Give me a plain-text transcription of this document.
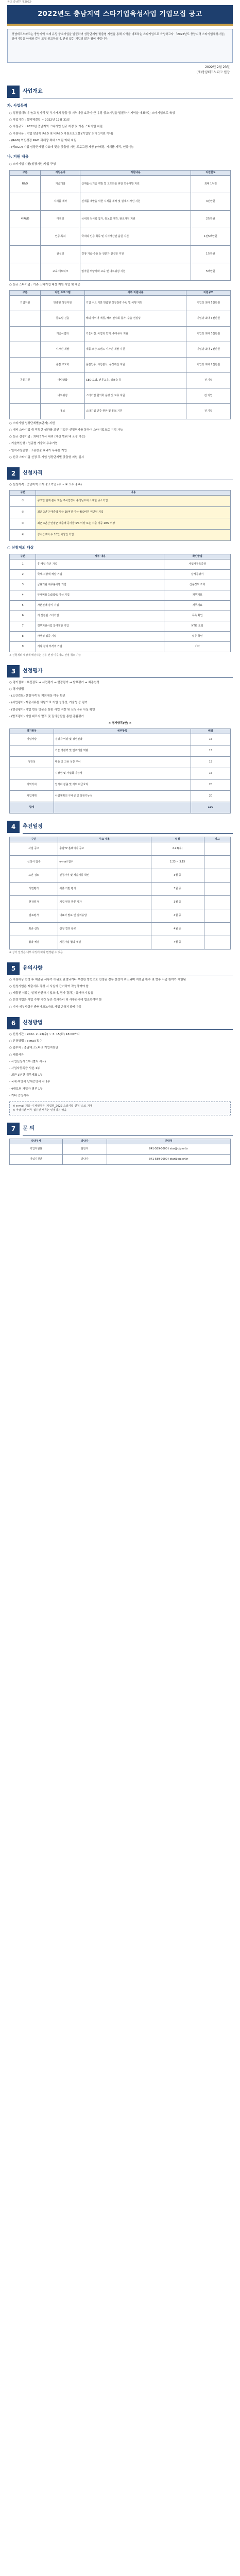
공고 충남TP 제2022-
2022년도 충남지역 스타기업육성사업 기업모집 공고
충남테크노파크는 충남지역 소재 유망 중소기업을 발굴하여 성장단계별 맞춤형 지원을 통해 지역을 대표하는 스타기업으로 육성하고자 「2022년도 충남지역 스타기업육성사업」 참여기업을 아래와 같이 모집 공고하오니, 관심 있는 기업의 많은 참여 바랍니다.
2022년 2월 23일
(재)충남테크노파크 원장
1	사업개요
가. 사업목적
○ 성장잠재력이 높고 일자리 및 부가가치 창출 등 지역파급 효과가 큰 유망 중소기업을 발굴하여 지역을 대표하는 스타기업으로 육성
○ 사업기간 : 협약체결일 ~ 2022년 12월 31일
○ 지원규모 : 2022년 충남지역 스타기업 신규 지정 및 기존 스타기업 지원
○ 지원내용 : 기업 맞춤형 R&D 및 비R&D 지원프로그램 (기업당 최대 1억원 이내)
- (R&D) 혁신성장 R&D 과제당 최대 1억원 이내 지원
- (비R&D) 기업 성장단계별 수요에 맞춘 맞춤형 지원 프로그램 제공 (마케팅, 시제품 제작, 인증 등)
나. 지원 내용
○ 스타기업 지원(성장지원)사업 구성
구분	지원분야	지원내용	지원한도
R&D	기술개발	신제품·신기술 개발 및 고도화를 위한 연구개발 지원	최대 1억원
	시제품 제작	신제품 개발을 위한 시제품 제작 및 설계·디자인 지원	3천만원
비R&D	마케팅	국내외 전시회 참가, 홍보물 제작, 판로개척 지원	2천만원
	인증·특허	국내외 인증 획득 및 지식재산권 출원 지원	1천5백만원
	컨설팅	경영·기술·수출 등 전문가 컨설팅 지원	1천만원
	교육·네트워크	임직원 역량강화 교육 및 네트워킹 지원	5백만원
○ 신규 스타기업 : 기존 스타기업 대상 지원 사업 및 제공
구분	지원 프로그램	세부 지원내용	지원규모
기업지원	맞춤형 성장지원	기업 수요 기반 맞춤형 성장전략 수립 및 이행 지원	기업당 최대 5천만원
	글로벌 진출	해외 바이어 매칭, 해외 전시회 참가, 수출 컨설팅	기업당 최대 3천만원
	기술사업화	기술이전, 사업화 연계, 투자유치 지원	기업당 최대 3천만원
	디자인 개발	제품·포장·브랜드 디자인 개발 지원	기업당 최대 2천만원
	품질 고도화	품질인증, 시험분석, 공정개선 지원	기업당 최대 2천만원
공통지원	역량강화	CEO 포럼, 전문교육, 워크숍 등	전 기업
	네트워킹	스타기업 협의회 운영 및 교류 지원	전 기업
	홍보	스타기업 인증 현판 및 홍보 지원	전 기업
○ 스타기업 성장단계별(3단계) 지원
○ 예비 스타기업 중 탁월한 성과를 보인 기업은 선정평가를 통하여 스타기업으로 지정 가능
○ 신규 선정기업 : 최대 5개사 내외 (예산 범위 내 조정 가능)
- 기술혁신형 : 업종별 기술력 우수기업
- 일자리창출형 : 고용창출 효과가 우수한 기업
○ 신규 스타기업 선정 후 기업 성장단계별 맞춤형 지원 실시
2	신청자격
○ 신청자격 : 충남지역 소재 중소기업 (① ~ ④ 모두 충족)
구분	내용
①	공고일 현재 본사 또는 주사업장이 충청남도에 소재한 중소기업
②	최근 3년간 매출액 평균 20억원 이상 400억원 미만인 기업
③	최근 3년간 연평균 매출액 증가율 5% 이상 또는 수출 비중 10% 이상
④	상시근로자 수 10인 이상인 기업
○ 신청제외 대상
구분	세부 내용	확인방법
1	휴·폐업 중인 기업	사업자등록증명
2	국세·지방세 체납 기업	납세증명서
3	금융기관 채무불이행 기업	신용정보 조회
4	부채비율 1,000% 이상 기업	재무제표
5	자본전액 잠식 기업	재무제표
6	기 선정된 스타기업	목록 확인
7	정부지원사업 참여제한 기업	NTIS 조회
8	사행성 업종 기업	업종 확인
9	기타 참여 부적격 기업	기타
※ 신청제외 대상에 해당하는 경우 선정 이후에도 선정 취소 가능
3	선정평가
○ 평가절차 : 요건검토 → 서면평가 → 현장평가 → 발표평가 → 최종선정
○ 평가방법
- (요건검토) 신청자격 및 제외대상 여부 확인
- (서면평가) 제출서류를 바탕으로 기업 성장성, 기술성 등 평가
- (현장평가) 기업 현장 방문을 통한 사업 역량 및 신청내용 사실 확인
- (발표평가) 기업 대표자 발표 및 질의응답을 통한 종합평가
< 평가항목(안) >
평가항목	세부항목	배점
기업역량	경영자 역량 및 경영전략	15
	기술 경쟁력 및 연구개발 역량	15
성장성	매출 및 고용 성장 추이	15
	시장성 및 사업화 가능성	15
지역기여	일자리 창출 및 지역 파급효과	20
사업계획	사업계획의 구체성 및 실현가능성	20
합계		100
4	추진일정
구분	주요 내용	일정	비고
사업 공고	충남TP 홈페이지 공고	2.23(수)	
신청서 접수	e-mail 접수	2.23 ~ 3.15	
요건 검토	신청자격 및 제출서류 확인	3월 중	
서면평가	서류 기반 평가	3월 중	
현장평가	기업 현장 방문 평가	3월 중	
발표평가	대표자 발표 및 질의응답	4월 중	
최종 선정	선정 결과 통보	4월 중	
협약 체결	지원사업 협약 체결	4월 중	
※ 상기 일정은 내부 사정에 따라 변경될 수 있음
5	유의사항
○ 지원대상 선정 후 제출된 서류가 허위로 판명되거나 부정한 방법으로 선정된 경우 선정이 취소되며 지원금 환수 및 향후 사업 참여가 제한됨
○ 신청기업은 제출서류 작성 시 사실에 근거하여 작성하여야 함
○ 제출된 서류는 일체 반환하지 않으며, 평가 결과는 공개하지 않음
○ 선정기업은 사업 수행 기간 동안 성과관리 및 사후관리에 협조하여야 함
○ 기타 세부사항은 충남테크노파크 사업 운영지침에 따름
6	신청방법
○ 신청기간 : 2022. 2. 23(수) ~ 3. 15(화) 18:00까지
○ 신청방법 : e-mail 접수
○ 접수처 : 충남테크노파크 기업지원단
○ 제출서류
- 사업신청서 1부 (별지 서식)
- 사업자등록증 사본 1부
- 최근 3년간 재무제표 1부
- 국세·지방세 납세증명서 각 1부
- 4대보험 가입자 명부 1부
- 기타 증빙서류
※ e-mail 제출 시 파일명은 '기업명_2022 스타기업 신청' 으로 기재
※ 마감시간 이후 접수된 서류는 인정하지 않음
7	문 의
담당부서	담당자	연락처
기업지원단	담당자	041-589-0000 / star@ctp.or.kr
기업지원단	담당자	041-589-0000 / star@ctp.or.kr
